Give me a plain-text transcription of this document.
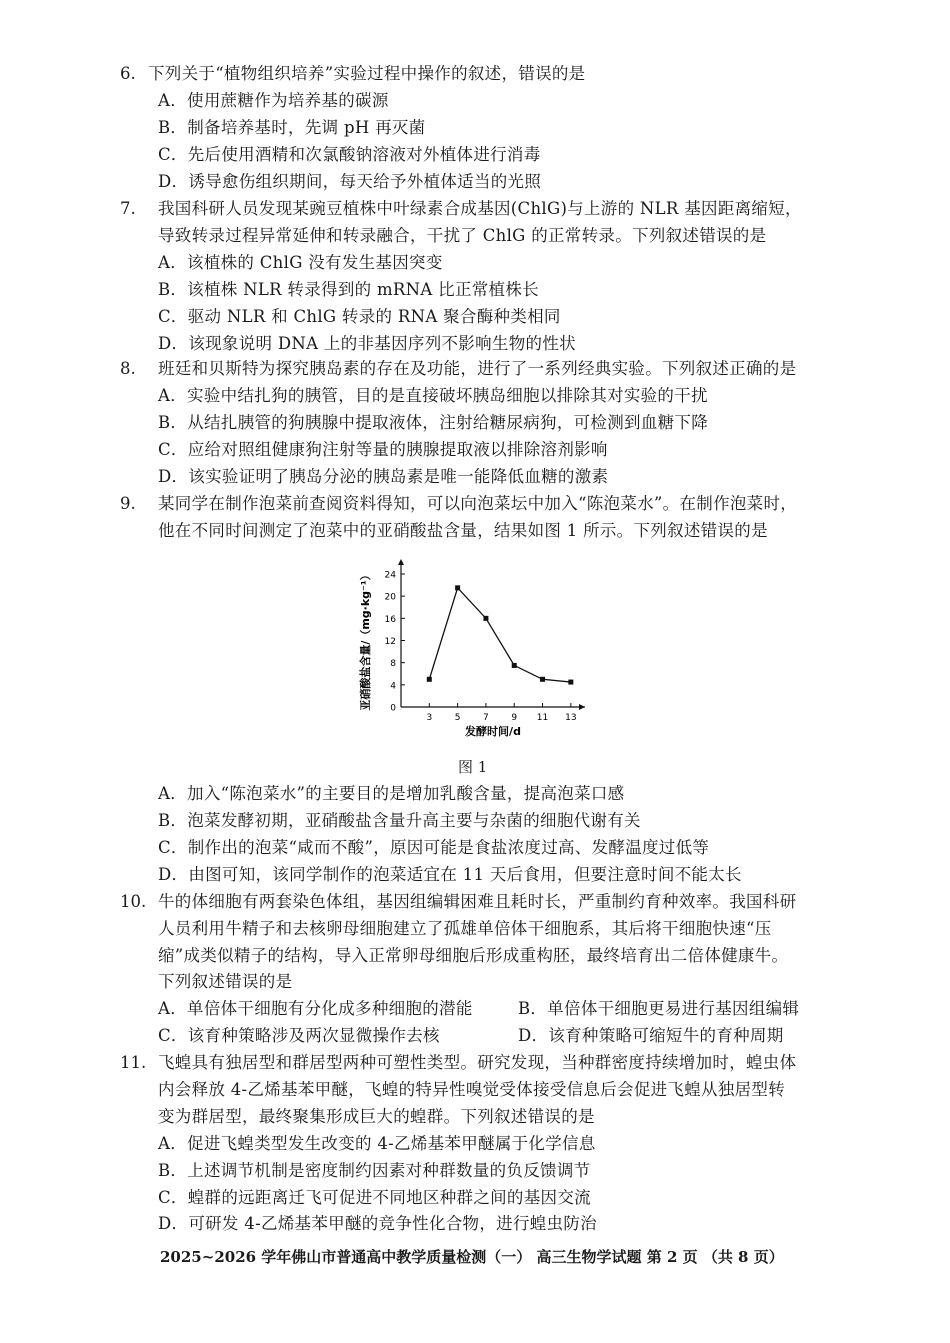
6. 下列关于“植物组织培养”实验过程中操作的叙述，错误的是
A．使用蔗糖作为培养基的碳源
B．制备培养基时，先调 pH 再灭菌
C．先后使用酒精和次氯酸钠溶液对外植体进行消毒
D．诱导愈伤组织期间，每天给予外植体适当的光照
7. 我国科研人员发现某豌豆植株中叶绿素合成基因(ChlG)与上游的 NLR 基因距离缩短，
导致转录过程异常延伸和转录融合，干扰了 ChlG 的正常转录。下列叙述错误的是
A．该植株的 ChlG 没有发生基因突变
B．该植株 NLR 转录得到的 mRNA 比正常植株长
C．驱动 NLR 和 ChlG 转录的 RNA 聚合酶种类相同
D．该现象说明 DNA 上的非基因序列不影响生物的性状
8. 班廷和贝斯特为探究胰岛素的存在及功能，进行了一系列经典实验。下列叙述正确的是
A．实验中结扎狗的胰管，目的是直接破坏胰岛细胞以排除其对实验的干扰
B．从结扎胰管的狗胰腺中提取液体，注射给糖尿病狗，可检测到血糖下降
C．应给对照组健康狗注射等量的胰腺提取液以排除溶剂影响
D．该实验证明了胰岛分泌的胰岛素是唯一能降低血糖的激素
9. 某同学在制作泡菜前查阅资料得知，可以向泡菜坛中加入“陈泡菜水”。在制作泡菜时，
他在不同时间测定了泡菜中的亚硝酸盐含量，结果如图 1 所示。下列叙述错误的是
0
4
8
12
16
20
24
3	5	7	9 11 13
发酵时间/d
亚硝酸盐含量/（mg·kg⁻¹）
图 1
A．加入“陈泡菜水”的主要目的是增加乳酸含量，提高泡菜口感
B．泡菜发酵初期，亚硝酸盐含量升高主要与杂菌的细胞代谢有关
C．制作出的泡菜“咸而不酸”，原因可能是食盐浓度过高、发酵温度过低等
D．由图可知，该同学制作的泡菜适宜在 11 天后食用，但要注意时间不能太长
10. 牛的体细胞有两套染色体组，基因组编辑困难且耗时长，严重制约育种效率。我国科研
人员利用牛精子和去核卵母细胞建立了孤雄单倍体干细胞系，其后将干细胞快速“压
缩”成类似精子的结构，导入正常卵母细胞后形成重构胚，最终培育出二倍体健康牛。
下列叙述错误的是
A．单倍体干细胞有分化成多种细胞的潜能	B．单倍体干细胞更易进行基因组编辑
C．该育种策略涉及两次显微操作去核	D．该育种策略可缩短牛的育种周期
11. 飞蝗具有独居型和群居型两种可塑性类型。研究发现，当种群密度持续增加时，蝗虫体
内会释放 4-乙烯基苯甲醚，飞蝗的特异性嗅觉受体接受信息后会促进飞蝗从独居型转
变为群居型，最终聚集形成巨大的蝗群。下列叙述错误的是
A．促进飞蝗类型发生改变的 4-乙烯基苯甲醚属于化学信息
B．上述调节机制是密度制约因素对种群数量的负反馈调节
C．蝗群的远距离迁飞可促进不同地区种群之间的基因交流
D．可研发 4-乙烯基苯甲醚的竞争性化合物，进行蝗虫防治
2025~2026 学年佛山市普通高中教学质量检测（一） 高三生物学试题 第 2 页 （共 8 页）
